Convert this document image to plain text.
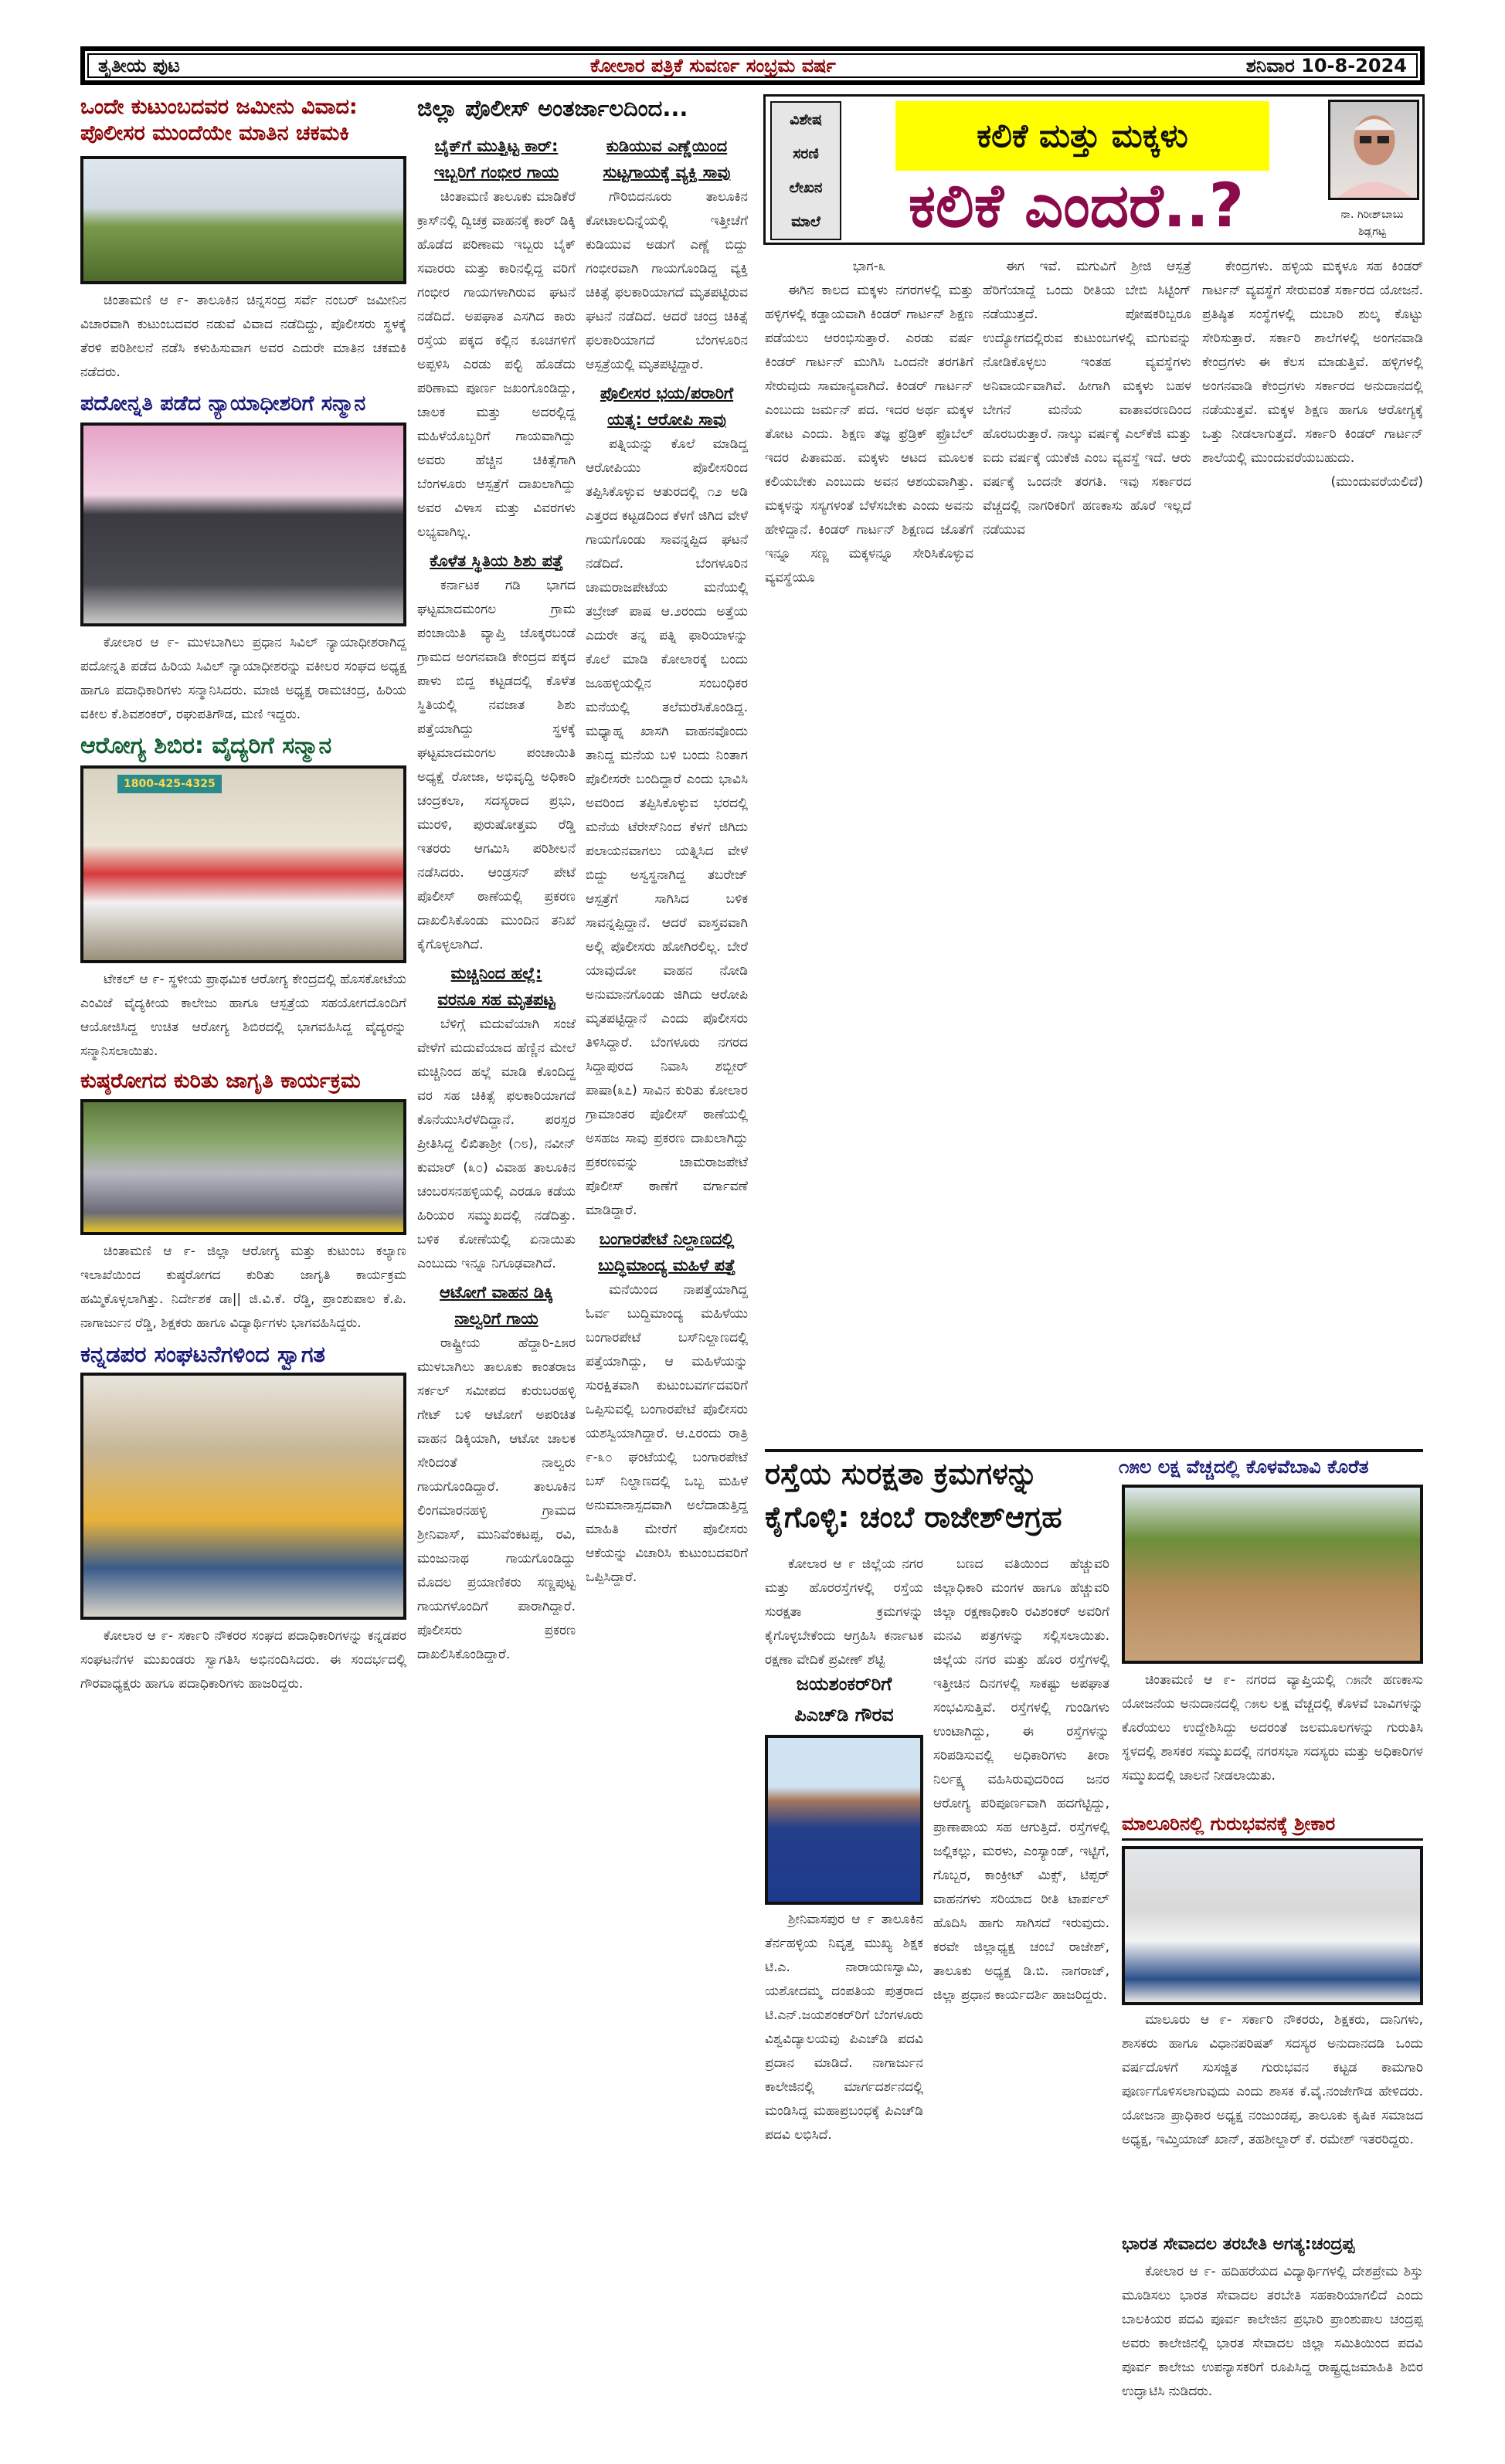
ತೃತೀಯ ಪುಟ	ಕೋಲಾರ ಪತ್ರಿಕೆ ಸುವರ್ಣ ಸಂಭ್ರಮ ವರ್ಷ	ಶನಿವಾರ 10-8-2024
ಒಂದೇ ಕುಟುಂಬದವರ ಜಮೀನು ವಿವಾದ:
ಪೊಲೀಸರ ಮುಂದೆಯೇ ಮಾತಿನ ಚಕಮಕಿ

ಚಿಂತಾಮಣಿ ಆ ೯- ತಾಲೂಕಿನ ಚಿನ್ನಸಂದ್ರ ಸರ್ವೆ ನಂಬರ್ ಜಮೀನಿನ ವಿಚಾರವಾಗಿ ಕುಟುಂಬದವರ ನಡುವೆ ವಿವಾದ ನಡೆದಿದ್ದು, ಪೊಲೀಸರು ಸ್ಥಳಕ್ಕೆ ತೆರಳಿ ಪರಿಶೀಲನೆ ನಡೆಸಿ ಕಳುಹಿಸುವಾಗ ಅವರ ಎದುರೇ ಮಾತಿನ ಚಕಮಕಿ ನಡೆದರು.

ಪದೋನ್ನತಿ ಪಡೆದ ನ್ಯಾಯಾಧೀಶರಿಗೆ ಸನ್ಮಾನ

ಕೋಲಾರ ಆ ೯- ಮುಳಬಾಗಿಲು ಪ್ರಧಾನ ಸಿವಿಲ್ ನ್ಯಾಯಾಧೀಶರಾಗಿದ್ದ ಪದೋನ್ನತಿ ಪಡೆದ ಹಿರಿಯ ಸಿವಿಲ್ ನ್ಯಾಯಾಧೀಶರನ್ನು ವಕೀಲರ ಸಂಘದ ಅಧ್ಯಕ್ಷ ಹಾಗೂ ಪದಾಧಿಕಾರಿಗಳು ಸನ್ಮಾನಿಸಿದರು. ಮಾಜಿ ಅಧ್ಯಕ್ಷ ರಾಮಚಂದ್ರ, ಹಿರಿಯ ವಕೀಲ ಕೆ.ಶಿವಶಂಕರ್, ರಘುಪತಿಗೌಡ, ಮಣಿ ಇದ್ದರು.

ಆರೋಗ್ಯ ಶಿಬಿರ: ವೈದ್ಯರಿಗೆ ಸನ್ಮಾನ
1800-425-4325

ಟೇಕಲ್ ಆ ೯- ಸ್ಥಳೀಯ ಪ್ರಾಥಮಿಕ ಆರೋಗ್ಯ ಕೇಂದ್ರದಲ್ಲಿ ಹೊಸಕೋಟೆಯ ಎಂವಿಜೆ ವೈದ್ಯಕೀಯ ಕಾಲೇಜು ಹಾಗೂ ಆಸ್ಪತ್ರೆಯ ಸಹಯೋಗದೊಂದಿಗೆ ಆಯೋಜಿಸಿದ್ದ ಉಚಿತ ಆರೋಗ್ಯ ಶಿಬಿರದಲ್ಲಿ ಭಾಗವಹಿಸಿದ್ದ ವೈದ್ಯರನ್ನು ಸನ್ಮಾನಿಸಲಾಯಿತು.

ಕುಷ್ಠರೋಗದ ಕುರಿತು ಜಾಗೃತಿ ಕಾರ್ಯಕ್ರಮ

ಚಿಂತಾಮಣಿ ಆ ೯- ಜಿಲ್ಲಾ ಆರೋಗ್ಯ ಮತ್ತು ಕುಟುಂಬ ಕಲ್ಯಾಣ ಇಲಾಖೆಯಿಂದ ಕುಷ್ಠರೋಗದ ಕುರಿತು ಜಾಗೃತಿ ಕಾರ್ಯಕ್ರಮ ಹಮ್ಮಿಕೊಳ್ಳಲಾಗಿತ್ತು. ನಿರ್ದೇಶಕ ಡಾ|| ಜಿ.ವಿ.ಕೆ. ರೆಡ್ಡಿ, ಪ್ರಾಂಶುಪಾಲ ಕೆ.ಪಿ. ನಾಗಾರ್ಜುನ ರೆಡ್ಡಿ, ಶಿಕ್ಷಕರು ಹಾಗೂ ವಿದ್ಯಾರ್ಥಿಗಳು ಭಾಗವಹಿಸಿದ್ದರು.

ಕನ್ನಡಪರ ಸಂಘಟನೆಗಳಿಂದ ಸ್ವಾಗತ

ಕೋಲಾರ ಆ ೯- ಸರ್ಕಾರಿ ನೌಕರರ ಸಂಘದ ಪದಾಧಿಕಾರಿಗಳನ್ನು ಕನ್ನಡಪರ ಸಂಘಟನೆಗಳ ಮುಖಂಡರು ಸ್ವಾಗತಿಸಿ ಅಭಿನಂದಿಸಿದರು. ಈ ಸಂದರ್ಭದಲ್ಲಿ ಗೌರವಾಧ್ಯಕ್ಷರು ಹಾಗೂ ಪದಾಧಿಕಾರಿಗಳು ಹಾಜರಿದ್ದರು.

ಜಿಲ್ಲಾ ಪೊಲೀಸ್ ಅಂತರ್ಜಾಲದಿಂದ...
ಬೈಕ್‌ಗೆ ಮುತ್ತಿಟ್ಟ ಕಾರ್:
ಇಬ್ಬರಿಗೆ ಗಂಭೀರ ಗಾಯ

ಚಿಂತಾಮಣಿ ತಾಲೂಕು ಮಾಡಿಕೆರೆ ಕ್ರಾಸ್‌ನಲ್ಲಿ ದ್ವಿಚಕ್ರ ವಾಹನಕ್ಕೆ ಕಾರ್ ಡಿಕ್ಕಿ ಹೊಡೆದ ಪರಿಣಾಮ ಇಬ್ಬರು ಬೈಕ್ ಸವಾರರು ಮತ್ತು ಕಾರಿನಲ್ಲಿದ್ದ ವರಿಗೆ ಗಂಭೀರ ಗಾಯಗಳಾಗಿರುವ ಘಟನೆ ನಡೆದಿದೆ. ಅಪಘಾತ ಎಸಗಿದ ಕಾರು ರಸ್ತೆಯ ಪಕ್ಕದ ಕಲ್ಲಿನ ಕೂಚಗಳಿಗೆ ಅಪ್ಪಳಿಸಿ ಎರಡು ಪಲ್ಟಿ ಹೊಡೆದು ಪರಿಣಾಮ ಪೂರ್ಣ ಜಖಂಗೊಂಡಿದ್ದು, ಚಾಲಕ ಮತ್ತು ಅದರಲ್ಲಿದ್ದ ಮಹಿಳೆಯೊಬ್ಬರಿಗೆ ಗಾಯವಾಗಿದ್ದು ಅವರು ಹೆಚ್ಚಿನ ಚಿಕಿತ್ಸೆಗಾಗಿ ಬೆಂಗಳೂರು ಆಸ್ಪತ್ರೆಗೆ ದಾಖಲಾಗಿದ್ದು ಅವರ ವಿಳಾಸ ಮತ್ತು ವಿವರಗಳು ಲಭ್ಯವಾಗಿಲ್ಲ.

ಕೊಳೆತ ಸ್ಥಿತಿಯ ಶಿಶು ಪತ್ತೆ

ಕರ್ನಾಟಕ ಗಡಿ ಭಾಗದ ಘಟ್ಟಮಾದಮಂಗಲ ಗ್ರಾಮ ಪಂಚಾಯಿತಿ ವ್ಯಾಪ್ತಿ ಚೊಕ್ಕರಬಂಡೆ ಗ್ರಾಮದ ಅಂಗನವಾಡಿ ಕೇಂದ್ರದ ಪಕ್ಕದ ಪಾಳು ಬಿದ್ದ ಕಟ್ಟಡದಲ್ಲಿ ಕೊಳೆತ ಸ್ಥಿತಿಯಲ್ಲಿ ನವಜಾತ ಶಿಶು ಪತ್ತೆಯಾಗಿದ್ದು ಸ್ಥಳಕ್ಕೆ ಘಟ್ಟಮಾದಮಂಗಲ ಪಂಚಾಯಿತಿ ಅಧ್ಯಕ್ಷೆ ರೋಜಾ, ಅಭಿವೃದ್ಧಿ ಅಧಿಕಾರಿ ಚಂದ್ರಕಲಾ, ಸದಸ್ಯರಾದ ಪ್ರಭು, ಮುರಳಿ, ಪುರುಷೋತ್ತಮ ರೆಡ್ಡಿ ಇತರರು ಆಗಮಿಸಿ ಪರಿಶೀಲನೆ ನಡೆಸಿದರು. ಆಂಡ್ರಸನ್ ಪೇಟೆ ಪೊಲೀಸ್ ಠಾಣೆಯಲ್ಲಿ ಪ್ರಕರಣ ದಾಖಲಿಸಿಕೊಂಡು ಮುಂದಿನ ತನಿಖೆ ಕೈಗೊಳ್ಳಲಾಗಿದೆ.

ಮಚ್ಚಿನಿಂದ ಹಲ್ಲೆ:
ವರನೂ ಸಹ ಮೃತಪಟ್ಟ

ಬೆಳಿಗ್ಗೆ ಮದುವೆಯಾಗಿ ಸಂಜೆ ವೇಳೆಗೆ ಮದುವೆಯಾದ ಹೆಣ್ಣಿನ ಮೇಲೆ ಮಚ್ಚಿನಿಂದ ಹಲ್ಲೆ ಮಾಡಿ ಕೊಂದಿದ್ದ ವರ ಸಹ ಚಿಕಿತ್ಸೆ ಫಲಕಾರಿಯಾಗದೆ ಕೊನೆಯುಸಿರೆಳೆದಿದ್ದಾನೆ. ಪರಸ್ಪರ ಪ್ರೀತಿಸಿದ್ದ ಲಿಖಿತಾಶ್ರೀ (೧೮), ನವೀನ್ ಕುಮಾರ್ (೩೦) ವಿವಾಹ ತಾಲೂಕಿನ ಚಂಬರಸನಹಳ್ಳಿಯಲ್ಲಿ ಎರಡೂ ಕಡೆಯ ಹಿರಿಯರ ಸಮ್ಮುಖದಲ್ಲಿ ನಡೆದಿತ್ತು. ಬಳಿಕ ಕೋಣೆಯಲ್ಲಿ ಏನಾಯಿತು ಎಂಬುದು ಇನ್ನೂ ನಿಗೂಢವಾಗಿದೆ.

ಆಟೋಗೆ ವಾಹನ ಡಿಕ್ಕಿ
ನಾಲ್ವರಿಗೆ ಗಾಯ

ರಾಷ್ಟ್ರೀಯ ಹೆದ್ದಾರಿ-೭೫ರ ಮುಳಬಾಗಿಲು ತಾಲೂಕು ಕಾಂತರಾಜ ಸರ್ಕಲ್ ಸಮೀಪದ ಕುರುಬರಹಳ್ಳಿ ಗೇಟ್ ಬಳಿ ಆಟೋಗೆ ಅಪರಿಚಿತ ವಾಹನ ಡಿಕ್ಕಿಯಾಗಿ, ಆಟೋ ಚಾಲಕ ಸೇರಿದಂತೆ ನಾಲ್ವರು ಗಾಯಗೊಂಡಿದ್ದಾರೆ. ತಾಲೂಕಿನ ಲಿಂಗಮಾರನಹಳ್ಳಿ ಗ್ರಾಮದ ಶ್ರೀನಿವಾಸ್, ಮುನಿವೆಂಕಟಪ್ಪ, ರವಿ, ಮಂಜುನಾಥ ಗಾಯಗೊಂಡಿದ್ದು ಮೊದಲ ಪ್ರಯಾಣಿಕರು ಸಣ್ಣಪುಟ್ಟ ಗಾಯಗಳೊಂದಿಗೆ ಪಾರಾಗಿದ್ದಾರೆ. ಪೊಲೀಸರು ಪ್ರಕರಣ ದಾಖಲಿಸಿಕೊಂಡಿದ್ದಾರೆ.

ಕುಡಿಯುವ ಎಣ್ಣೆಯಿಂದ
ಸುಟ್ಟಗಾಯಕ್ಕೆ ವ್ಯಕ್ತಿ ಸಾವು

ಗೌರಿಬಿದನೂರು ತಾಲೂಕಿನ ಕೋಟಾಲದಿನ್ನೆಯಲ್ಲಿ ಇತ್ತೀಚೆಗೆ ಕುಡಿಯುವ ಅಡುಗೆ ಎಣ್ಣೆ ಬಿದ್ದು ಗಂಭೀರವಾಗಿ ಗಾಯಗೊಂಡಿದ್ದ ವ್ಯಕ್ತಿ ಚಿಕಿತ್ಸೆ ಫಲಕಾರಿಯಾಗದೆ ಮೃತಪಟ್ಟಿರುವ ಘಟನೆ ನಡೆದಿದೆ. ಆದರೆ ಚಂದ್ರ ಚಿಕಿತ್ಸೆ ಫಲಕಾರಿಯಾಗದೆ ಬೆಂಗಳೂರಿನ ಆಸ್ಪತ್ರೆಯಲ್ಲಿ ಮೃತಪಟ್ಟಿದ್ದಾರೆ.

ಪೊಲೀಸರ ಭಯ/ಪರಾರಿಗೆ
ಯತ್ನ: ಆರೋಪಿ ಸಾವು

ಪತ್ನಿಯನ್ನು ಕೊಲೆ ಮಾಡಿದ್ದ ಆರೋಪಿಯು ಪೊಲೀಸರಿಂದ ತಪ್ಪಿಸಿಕೊಳ್ಳುವ ಆತುರದಲ್ಲಿ ೧೨ ಅಡಿ ಎತ್ತರದ ಕಟ್ಟಡದಿಂದ ಕೆಳಗೆ ಜಿಗಿದ ವೇಳೆ ಗಾಯಗೊಂಡು ಸಾವನ್ನಪ್ಪಿದ ಘಟನೆ ನಡೆದಿದೆ. ಬೆಂಗಳೂರಿನ ಚಾಮರಾಜಪೇಟೆಯ ಮನೆಯಲ್ಲಿ ತಬ್ರೇಜ್ ಪಾಷ ಆ.೨ರಂದು ಅತ್ತೆಯ ಎದುರೇ ತನ್ನ ಪತ್ನಿ ಫಾರಿಯಾಳನ್ನು ಕೊಲೆ ಮಾಡಿ ಕೋಲಾರಕ್ಕೆ ಬಂದು ಜೂಹಳ್ಳಿಯಲ್ಲಿನ ಸಂಬಂಧಿಕರ ಮನೆಯಲ್ಲಿ ತಲೆಮರೆಸಿಕೊಂಡಿದ್ದ. ಮಧ್ಯಾಹ್ನ ಖಾಸಗಿ ವಾಹನವೊಂದು ತಾನಿದ್ದ ಮನೆಯ ಬಳಿ ಬಂದು ನಿಂತಾಗ ಪೊಲೀಸರೇ ಬಂದಿದ್ದಾರೆ ಎಂದು ಭಾವಿಸಿ ಅವರಿಂದ ತಪ್ಪಿಸಿಕೊಳ್ಳುವ ಭರದಲ್ಲಿ ಮನೆಯ ಟೆರೇಸ್‌ನಿಂದ ಕೆಳಗೆ ಜಿಗಿದು ಪಲಾಯನವಾಗಲು ಯತ್ನಿಸಿದ ವೇಳೆ ಬಿದ್ದು ಅಸ್ವಸ್ಥನಾಗಿದ್ದ ತಬರೇಜ್ ಆಸ್ಪತ್ರೆಗೆ ಸಾಗಿಸಿದ ಬಳಿಕ ಸಾವನ್ನಪ್ಪಿದ್ದಾನೆ. ಆದರೆ ವಾಸ್ತವವಾಗಿ ಅಲ್ಲಿ ಪೊಲೀಸರು ಹೋಗಿರಲಿಲ್ಲ. ಬೇರೆ ಯಾವುದೋ ವಾಹನ ನೋಡಿ ಅನುಮಾನಗೊಂಡು ಜಿಗಿದು ಆರೋಪಿ ಮೃತಪಟ್ಟಿದ್ದಾನೆ ಎಂದು ಪೊಲೀಸರು ತಿಳಿಸಿದ್ದಾರೆ. ಬೆಂಗಳೂರು ನಗರದ ಸಿದ್ದಾಪುರದ ನಿವಾಸಿ ಶಬ್ಬೀರ್ ಪಾಷಾ(೩೭) ಸಾವಿನ ಕುರಿತು ಕೋಲಾರ ಗ್ರಾಮಾಂತರ ಪೊಲೀಸ್ ಠಾಣೆಯಲ್ಲಿ ಅಸಹಜ ಸಾವು ಪ್ರಕರಣ ದಾಖಲಾಗಿದ್ದು ಪ್ರಕರಣವನ್ನು ಚಾಮರಾಜಪೇಟೆ ಪೊಲೀಸ್ ಠಾಣೆಗೆ ವರ್ಗಾವಣೆ ಮಾಡಿದ್ದಾರೆ.

ಬಂಗಾರಪೇಟೆ ನಿಲ್ದಾಣದಲ್ಲಿ
ಬುದ್ಧಿಮಾಂದ್ಯ ಮಹಿಳೆ ಪತ್ತೆ

ಮನೆಯಿಂದ ನಾಪತ್ತೆಯಾಗಿದ್ದ ಓರ್ವ ಬುದ್ಧಿಮಾಂದ್ಯ ಮಹಿಳೆಯು ಬಂಗಾರಪೇಟೆ ಬಸ್‌ನಿಲ್ದಾಣದಲ್ಲಿ ಪತ್ತೆಯಾಗಿದ್ದು, ಆ ಮಹಿಳೆಯನ್ನು ಸುರಕ್ಷಿತವಾಗಿ ಕುಟುಂಬವರ್ಗದವರಿಗೆ ಒಪ್ಪಿಸುವಲ್ಲಿ ಬಂಗಾರಪೇಟೆ ಪೊಲೀಸರು ಯಶಸ್ವಿಯಾಗಿದ್ದಾರೆ. ಆ.೭ರಂದು ರಾತ್ರಿ ೯-೩೦ ಘಂಟೆಯಲ್ಲಿ ಬಂಗಾರಪೇಟೆ ಬಸ್ ನಿಲ್ದಾಣದಲ್ಲಿ ಒಬ್ಬ ಮಹಿಳೆ ಅನುಮಾನಾಸ್ಪದವಾಗಿ ಅಲೆದಾಡುತ್ತಿದ್ದ ಮಾಹಿತಿ ಮೇರೆಗೆ ಪೊಲೀಸರು ಆಕೆಯನ್ನು ವಿಚಾರಿಸಿ ಕುಟುಂಬದವರಿಗೆ ಒಪ್ಪಿಸಿದ್ದಾರೆ.

ವಿಶೇಷ
ಸರಣಿ
ಲೇಖನ
ಮಾಲೆ
ಕಲಿಕೆ ಮತ್ತು ಮಕ್ಕಳು
ಕಲಿಕೆ ಎಂದರೆ..?	ನಾ. ಗಿರೀಶ್‌ಬಾಬು
ಶಿಡ್ಲಗಟ್ಟ
ಭಾಗ-೩

ಈಗಿನ ಕಾಲದ ಮಕ್ಕಳು ನಗರಗಳಲ್ಲಿ ಮತ್ತು ಹಳ್ಳಿಗಳಲ್ಲಿ ಕಡ್ಡಾಯವಾಗಿ ಕಿಂಡರ್ ಗಾರ್ಟನ್ ಶಿಕ್ಷಣ ಪಡೆಯಲು ಆರಂಭಿಸುತ್ತಾರೆ. ಎರಡು ವರ್ಷ ಕಿಂಡರ್ ಗಾರ್ಟನ್ ಮುಗಿಸಿ ಒಂದನೇ ತರಗತಿಗೆ ಸೇರುವುದು ಸಾಮಾನ್ಯವಾಗಿದೆ. ಕಿಂಡರ್ ಗಾರ್ಟನ್ ಎಂಬುದು ಜರ್ಮನ್ ಪದ. ಇದರ ಅರ್ಥ ಮಕ್ಕಳ ತೋಟ ಎಂದು. ಶಿಕ್ಷಣ ತಜ್ಞ ಫ್ರೆಡ್ರಿಕ್ ಫ್ರೊಬೆಲ್ ಇದರ ಪಿತಾಮಹ. ಮಕ್ಕಳು ಆಟದ ಮೂಲಕ ಕಲಿಯಬೇಕು ಎಂಬುದು ಅವನ ಆಶಯವಾಗಿತ್ತು. ಮಕ್ಕಳನ್ನು ಸಸ್ಯಗಳಂತೆ ಬೆಳೆಸಬೇಕು ಎಂದು ಅವನು ಹೇಳಿದ್ದಾನೆ. ಕಿಂಡರ್ ಗಾರ್ಟನ್ ಶಿಕ್ಷಣದ ಜೊತೆಗೆ ಇನ್ನೂ ಸಣ್ಣ ಮಕ್ಕಳನ್ನೂ ಸೇರಿಸಿಕೊಳ್ಳುವ ವ್ಯವಸ್ಥೆಯೂ

ಈಗ ಇವೆ. ಮಗುವಿಗೆ ಶ್ರೀಜಿ ಆಸ್ಪತ್ರೆ ಹೆರಿಗೆಯಾದ್ದೆ ಒಂದು ರೀತಿಯ ಬೇಬಿ ಸಿಟ್ಟಿಂಗ್ ನಡೆಯುತ್ತದೆ. ಪೋಷಕರಿಬ್ಬರೂ ಉದ್ಯೋಗದಲ್ಲಿರುವ ಕುಟುಂಬಗಳಲ್ಲಿ ಮಗುವನ್ನು ನೋಡಿಕೊಳ್ಳಲು ಇಂತಹ ವ್ಯವಸ್ಥೆಗಳು ಅನಿವಾರ್ಯವಾಗಿವೆ. ಹೀಗಾಗಿ ಮಕ್ಕಳು ಬಹಳ ಬೇಗನೆ ಮನೆಯ ವಾತಾವರಣದಿಂದ ಹೊರಬರುತ್ತಾರೆ. ನಾಲ್ಕು ವರ್ಷಕ್ಕೆ ಎಲ್‌ಕೆಜಿ ಮತ್ತು ಐದು ವರ್ಷಕ್ಕೆ ಯುಕೆಜಿ ಎಂಬ ವ್ಯವಸ್ಥೆ ಇದೆ. ಆರು ವರ್ಷಕ್ಕೆ ಒಂದನೇ ತರಗತಿ. ಇವು ಸರ್ಕಾರದ ವೆಚ್ಚದಲ್ಲಿ ನಾಗರಿಕರಿಗೆ ಹಣಕಾಸು ಹೊರೆ ಇಲ್ಲದೆ ನಡೆಯುವ

ಕೇಂದ್ರಗಳು. ಹಳ್ಳಿಯ ಮಕ್ಕಳೂ ಸಹ ಕಿಂಡರ್ ಗಾರ್ಟನ್ ವ್ಯವಸ್ಥೆಗೆ ಸೇರುವಂತೆ ಸರ್ಕಾರದ ಯೋಜನೆ. ಪ್ರತಿಷ್ಠಿತ ಸಂಸ್ಥೆಗಳಲ್ಲಿ ದುಬಾರಿ ಶುಲ್ಕ ಕೊಟ್ಟು ಸೇರಿಸುತ್ತಾರೆ. ಸರ್ಕಾರಿ ಶಾಲೆಗಳಲ್ಲಿ ಅಂಗನವಾಡಿ ಕೇಂದ್ರಗಳು ಈ ಕೆಲಸ ಮಾಡುತ್ತಿವೆ. ಹಳ್ಳಿಗಳಲ್ಲಿ ಅಂಗನವಾಡಿ ಕೇಂದ್ರಗಳು ಸರ್ಕಾರದ ಅನುದಾನದಲ್ಲಿ ನಡೆಯುತ್ತವೆ. ಮಕ್ಕಳ ಶಿಕ್ಷಣ ಹಾಗೂ ಆರೋಗ್ಯಕ್ಕೆ ಒತ್ತು ನೀಡಲಾಗುತ್ತದೆ. ಸರ್ಕಾರಿ ಕಿಂಡರ್ ಗಾರ್ಟನ್ ಶಾಲೆಯಲ್ಲಿ ಮುಂದುವರೆಯಬಹುದು.

(ಮುಂದುವರೆಯಲಿದೆ)
ರಸ್ತೆಯ ಸುರಕ್ಷತಾ ಕ್ರಮಗಳನ್ನು
ಕೈಗೊಳ್ಳಿ: ಚಂಬೆ ರಾಜೇಶ್‌ಆಗ್ರಹ

ಕೋಲಾರ ಆ ೯ ಜಿಲ್ಲೆಯ ನಗರ ಮತ್ತು ಹೊರರಸ್ತೆಗಳಲ್ಲಿ ರಸ್ತೆಯ ಸುರಕ್ಷತಾ ಕ್ರಮಗಳನ್ನು ಕೈಗೊಳ್ಳಬೇಕೆಂದು ಆಗ್ರಹಿಸಿ ಕರ್ನಾಟಕ ರಕ್ಷಣಾ ವೇದಿಕೆ ಪ್ರವೀಣ್ ಶೆಟ್ಟಿ

ಬಣದ ವತಿಯಿಂದ ಹೆಚ್ಚುವರಿ ಜಿಲ್ಲಾಧಿಕಾರಿ ಮಂಗಳ ಹಾಗೂ ಹೆಚ್ಚುವರಿ ಜಿಲ್ಲಾ ರಕ್ಷಣಾಧಿಕಾರಿ ರವಿಶಂಕರ್ ಅವರಿಗೆ ಮನವಿ ಪತ್ರಗಳನ್ನು ಸಲ್ಲಿಸಲಾಯಿತು. ಜಿಲ್ಲೆಯ ನಗರ ಮತ್ತು ಹೊರ ರಸ್ತೆಗಳಲ್ಲಿ ಇತ್ತೀಚಿನ ದಿನಗಳಲ್ಲಿ ಸಾಕಷ್ಟು ಅಪಘಾತ ಸಂಭವಿಸುತ್ತಿವೆ. ರಸ್ತೆಗಳಲ್ಲಿ ಗುಂಡಿಗಳು ಉಂಟಾಗಿದ್ದು, ಈ ರಸ್ತೆಗಳನ್ನು ಸರಿಪಡಿಸುವಲ್ಲಿ ಅಧಿಕಾರಿಗಳು ತೀರಾ ನಿರ್ಲಕ್ಷ್ಯ ವಹಿಸಿರುವುದರಿಂದ ಜನರ ಆರೋಗ್ಯ ಪರಿಪೂರ್ಣವಾಗಿ ಹದಗೆಟ್ಟಿದ್ದು, ಪ್ರಾಣಾಪಾಯ ಸಹ ಆಗುತ್ತಿದೆ. ರಸ್ತೆಗಳಲ್ಲಿ ಜಲ್ಲಿಕಲ್ಲು, ಮರಳು, ಎಂಸ್ಯಾಂಡ್, ಇಟ್ಟಿಗೆ, ಗೊಬ್ಬರ, ಕಾಂಕ್ರೀಟ್ ಮಿಕ್ಸ್, ಟಿಪ್ಪರ್ ವಾಹನಗಳು ಸರಿಯಾದ ರೀತಿ ಟಾರ್ಪಲ್ ಹೊದಿಸಿ ಹಾಗು ಸಾಗಿಸದೆ ಇರುವುದು. ಕರವೇ ಜಿಲ್ಲಾಧ್ಯಕ್ಷ ಚಂಬೆ ರಾಜೇಶ್, ತಾಲೂಕು ಅಧ್ಯಕ್ಷ ಡಿ.ಬಿ. ನಾಗರಾಜ್, ಜಿಲ್ಲಾ ಪ್ರಧಾನ ಕಾರ್ಯದರ್ಶಿ ಹಾಜರಿದ್ದರು.

ಜಯಶಂಕರ್‌ರಿಗೆ
ಪಿಎಚ್‌ಡಿ ಗೌರವ

ಶ್ರೀನಿವಾಸಪುರ ಆ ೯ ತಾಲೂಕಿನ ತೆರ್ನಹಳ್ಳಿಯ ನಿವೃತ್ತ ಮುಖ್ಯ ಶಿಕ್ಷಕ ಟಿ.ಎ. ನಾರಾಯಣಸ್ವಾಮಿ, ಯಶೋದಮ್ಮ ದಂಪತಿಯ ಪುತ್ರರಾದ ಟಿ.ಎನ್.ಜಯಶಂಕರ್‌ರಿಗೆ ಬೆಂಗಳೂರು ವಿಶ್ವವಿದ್ಯಾಲಯವು ಪಿಎಚ್‌ಡಿ ಪದವಿ ಪ್ರದಾನ ಮಾಡಿದೆ. ನಾಗಾರ್ಜುನ ಕಾಲೇಜಿನಲ್ಲಿ ಮಾರ್ಗದರ್ಶನದಲ್ಲಿ ಮಂಡಿಸಿದ್ದ ಮಹಾಪ್ರಬಂಧಕ್ಕೆ ಪಿಎಚ್‌ಡಿ ಪದವಿ ಲಭಿಸಿದೆ.

೧೫ಲ ಲಕ್ಷ ವೆಚ್ಚದಲ್ಲಿ ಕೊಳವೆಬಾವಿ ಕೊರೆತ

ಚಿಂತಾಮಣಿ ಆ ೯- ನಗರದ ವ್ಯಾಪ್ತಿಯಲ್ಲಿ ೧೫ನೇ ಹಣಕಾಸು ಯೋಜನೆಯ ಅನುದಾನದಲ್ಲಿ ೧೫ಲ ಲಕ್ಷ ವೆಚ್ಚದಲ್ಲಿ ಕೊಳವೆ ಬಾವಿಗಳನ್ನು ಕೊರೆಯಲು ಉದ್ದೇಶಿಸಿದ್ದು ಅದರಂತೆ ಜಲಮೂಲಗಳನ್ನು ಗುರುತಿಸಿ ಸ್ಥಳದಲ್ಲಿ ಶಾಸಕರ ಸಮ್ಮುಖದಲ್ಲಿ ನಗರಸಭಾ ಸದಸ್ಯರು ಮತ್ತು ಅಧಿಕಾರಿಗಳ ಸಮ್ಮುಖದಲ್ಲಿ ಚಾಲನೆ ನೀಡಲಾಯಿತು.

ಮಾಲೂರಿನಲ್ಲಿ ಗುರುಭವನಕ್ಕೆ ಶ್ರೀಕಾರ

ಮಾಲೂರು ಆ ೯- ಸರ್ಕಾರಿ ನೌಕರರು, ಶಿಕ್ಷಕರು, ದಾನಿಗಳು, ಶಾಸಕರು ಹಾಗೂ ವಿಧಾನಪರಿಷತ್ ಸದಸ್ಯರ ಅನುದಾನದಡಿ ಒಂದು ವರ್ಷದೊಳಗೆ ಸುಸಜ್ಜಿತ ಗುರುಭವನ ಕಟ್ಟಡ ಕಾಮಗಾರಿ ಪೂರ್ಣಗೊಳಿಸಲಾಗುವುದು ಎಂದು ಶಾಸಕ ಕೆ.ವೈ.ನಂಜೇಗೌಡ ಹೇಳಿದರು. ಯೋಜನಾ ಪ್ರಾಧಿಕಾರ ಅಧ್ಯಕ್ಷ ನಂಜುಂಡಪ್ಪ, ತಾಲೂಕು ಕೃಷಿಕ ಸಮಾಜದ ಅಧ್ಯಕ್ಷ, ಇಮ್ತಿಯಾಜ್ ಖಾನ್, ತಹಶೀಲ್ದಾರ್ ಕೆ. ರಮೇಶ್ ಇತರರಿದ್ದರು.

ಭಾರತ ಸೇವಾದಲ ತರಬೇತಿ ಅಗತ್ಯ:ಚಂದ್ರಪ್ಪ

ಕೋಲಾರ ಆ ೯- ಹದಿಹರೆಯದ ವಿದ್ಯಾರ್ಥಿಗಳಲ್ಲಿ ದೇಶಪ್ರೇಮ ಶಿಸ್ತು ಮೂಡಿಸಲು ಭಾರತ ಸೇವಾದಲ ತರಬೇತಿ ಸಹಕಾರಿಯಾಗಲಿದೆ ಎಂದು ಬಾಲಕಿಯರ ಪದವಿ ಪೂರ್ವ ಕಾಲೇಜಿನ ಪ್ರಭಾರಿ ಪ್ರಾಂಶುಪಾಲ ಚಂದ್ರಪ್ಪ ಅವರು ಕಾಲೇಜಿನಲ್ಲಿ ಭಾರತ ಸೇವಾದಲ ಜಿಲ್ಲಾ ಸಮಿತಿಯಿಂದ ಪದವಿ ಪೂರ್ವ ಕಾಲೇಜು ಉಪನ್ಯಾಸಕರಿಗೆ ರೂಪಿಸಿದ್ದ ರಾಷ್ಟ್ರಧ್ವಜಮಾಹಿತಿ ಶಿಬಿರ ಉದ್ಘಾಟಿಸಿ ನುಡಿದರು.
